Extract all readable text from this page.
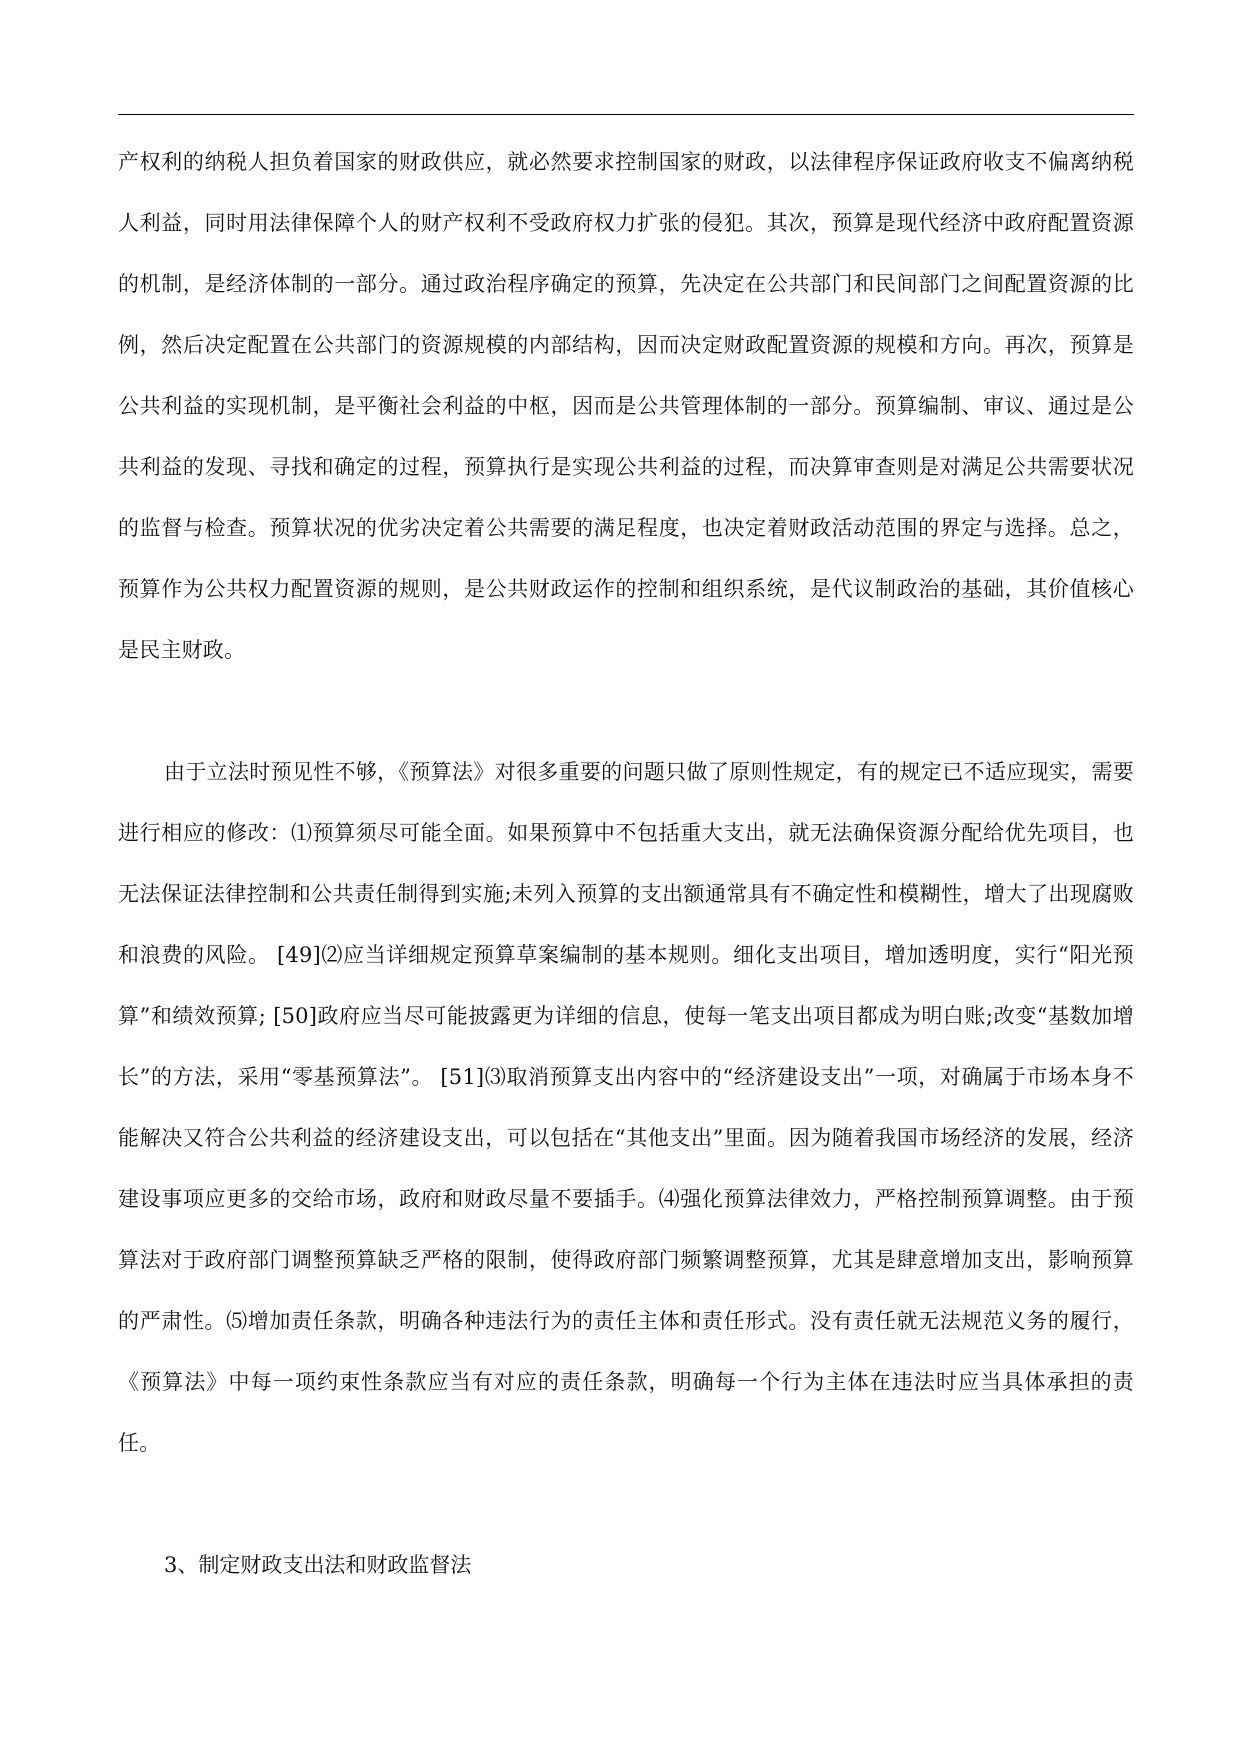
产权利的纳税人担负着国家的财政供应，就必然要求控制国家的财政，以法律程序保证政府收支不偏离纳税人利益，同时用法律保障个人的财产权利不受政府权力扩张的侵犯。其次，预算是现代经济中政府配置资源的机制，是经济体制的一部分。通过政治程序确定的预算，先决定在公共部门和民间部门之间配置资源的比例，然后决定配置在公共部门的资源规模的内部结构，因而决定财政配置资源的规模和方向。再次，预算是公共利益的实现机制，是平衡社会利益的中枢，因而是公共管理体制的一部分。预算编制、审议、通过是公共利益的发现、寻找和确定的过程，预算执行是实现公共利益的过程，而决算审查则是对满足公共需要状况的监督与检查。预算状况的优劣决定着公共需要的满足程度，也决定着财政活动范围的界定与选择。总之，预算作为公共权力配置资源的规则，是公共财政运作的控制和组织系统，是代议制政治的基础，其价值核心是民主财政。

由于立法时预见性不够，《预算法》对很多重要的问题只做了原则性规定，有的规定已不适应现实，需要进行相应的修改：⑴预算须尽可能全面。如果预算中不包括重大支出，就无法确保资源分配给优先项目，也无法保证法律控制和公共责任制得到实施;未列入预算的支出额通常具有不确定性和模糊性，增大了出现腐败和浪费的风险。 [49]⑵应当详细规定预算草案编制的基本规则。细化支出项目，增加透明度，实行“阳光预算”和绩效预算; [50]政府应当尽可能披露更为详细的信息，使每一笔支出项目都成为明白账;改变“基数加增长”的方法，采用“零基预算法”。 [51]⑶取消预算支出内容中的“经济建设支出”一项，对确属于市场本身不能解决又符合公共利益的经济建设支出，可以包括在“其他支出”里面。因为随着我国市场经济的发展，经济建设事项应更多的交给市场，政府和财政尽量不要插手。⑷强化预算法律效力，严格控制预算调整。由于预算法对于政府部门调整预算缺乏严格的限制，使得政府部门频繁调整预算，尤其是肆意增加支出，影响预算的严肃性。⑸增加责任条款，明确各种违法行为的责任主体和责任形式。没有责任就无法规范义务的履行，《预算法》中每一项约束性条款应当有对应的责任条款，明确每一个行为主体在违法时应当具体承担的责任。

3、制定财政支出法和财政监督法
